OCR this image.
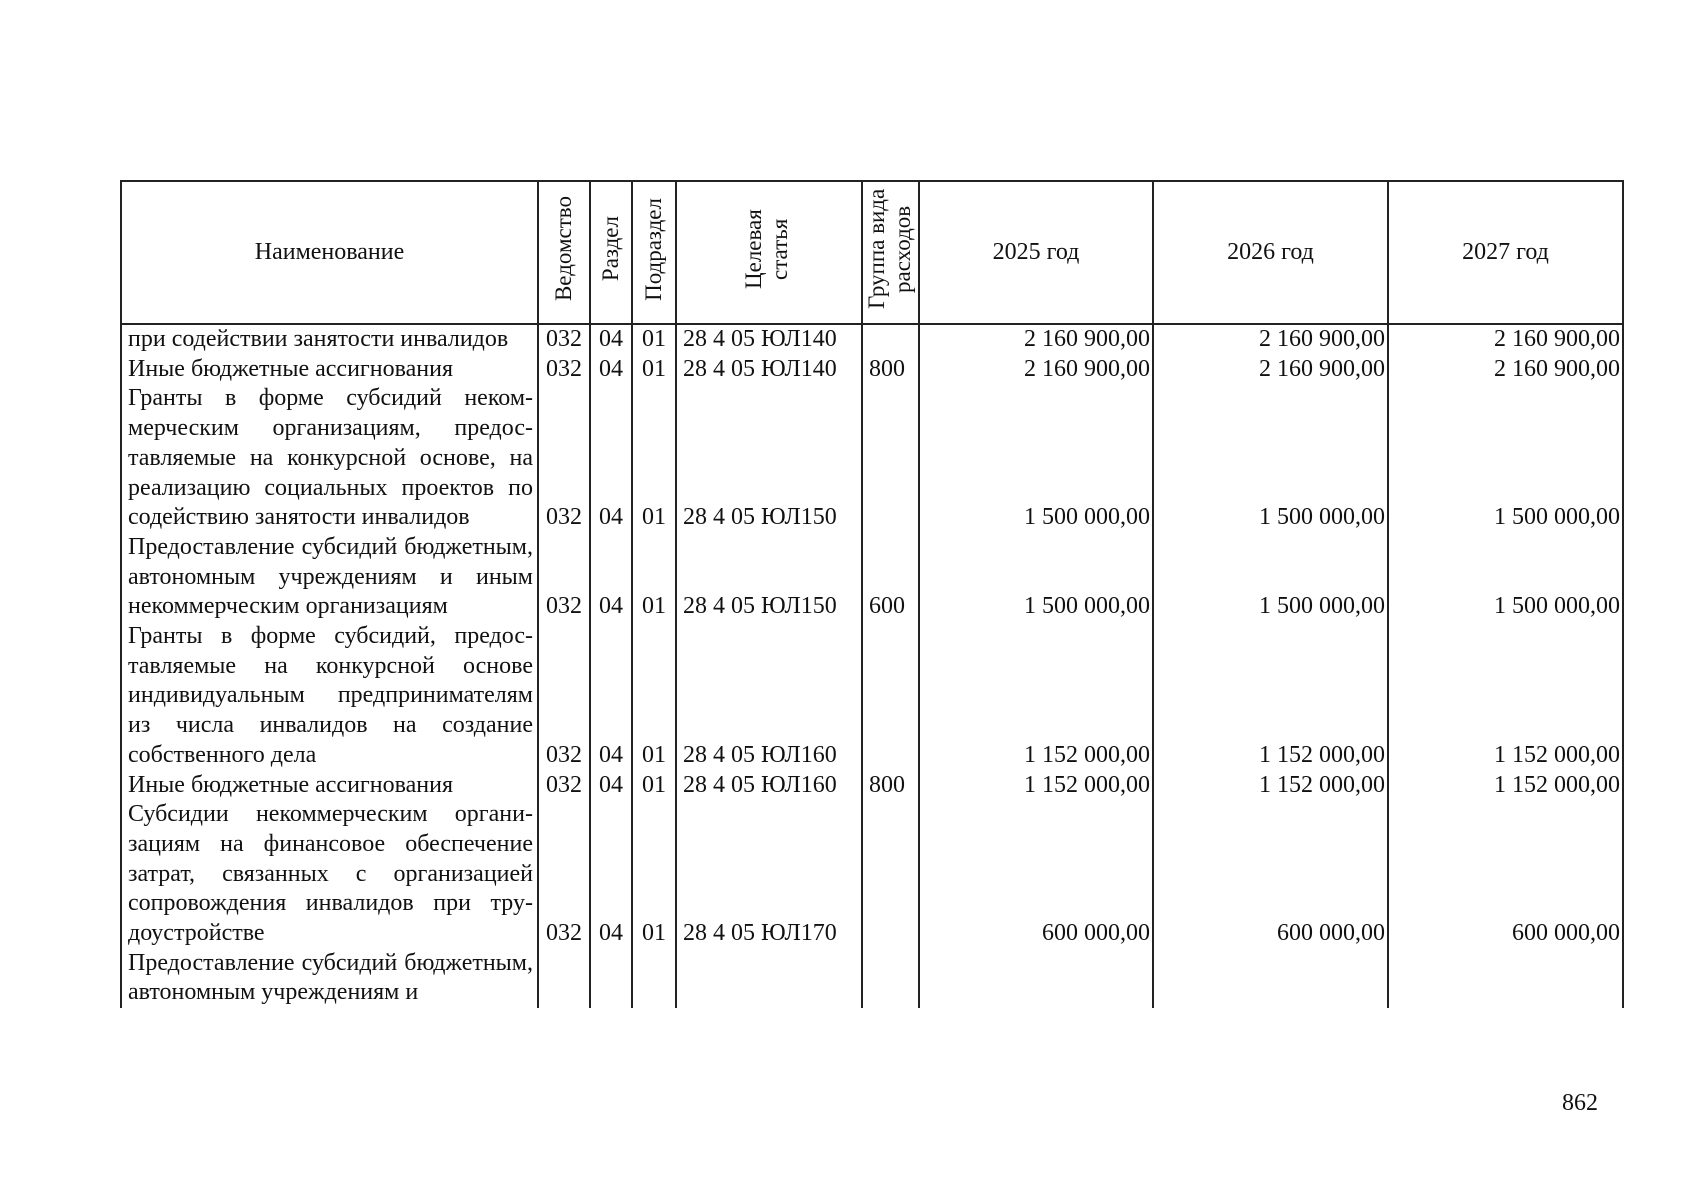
Наименование	Ведомство	Раздел	Подраздел	Целевая статья	Группа вида расходов	2025 год	2026 год	2027 год
при содействии занятости инвалидов	032	04	01	28 4 05 ЮЛ140		2 160 900,00	2 160 900,00	2 160 900,00
Иные бюджетные ассигнования	032	04	01	28 4 05 ЮЛ140	800	2 160 900,00	2 160 900,00	2 160 900,00
Гранты в форме субсидий некоммерческим организациям, предоставляемые на конкурсной основе, на реализацию социальных проектов по содействию занятости инвалидов	032	04	01	28 4 05 ЮЛ150		1 500 000,00	1 500 000,00	1 500 000,00
Предоставление субсидий бюджетным, автономным учреждениям и иным некоммерческим организациям	032	04	01	28 4 05 ЮЛ150	600	1 500 000,00	1 500 000,00	1 500 000,00
Гранты в форме субсидий, предоставляемые на конкурсной основе индивидуальным предпринимателям из числа инвалидов на создание собственного дела	032	04	01	28 4 05 ЮЛ160		1 152 000,00	1 152 000,00	1 152 000,00
Иные бюджетные ассигнования	032	04	01	28 4 05 ЮЛ160	800	1 152 000,00	1 152 000,00	1 152 000,00
Субсидии некоммерческим организациям на финансовое обеспечение затрат, связанных с организацией сопровождения инвалидов при трудоустройстве	032	04	01	28 4 05 ЮЛ170		600 000,00	600 000,00	600 000,00
Предоставление субсидий бюджетным, автономным учреждениям и								
862
